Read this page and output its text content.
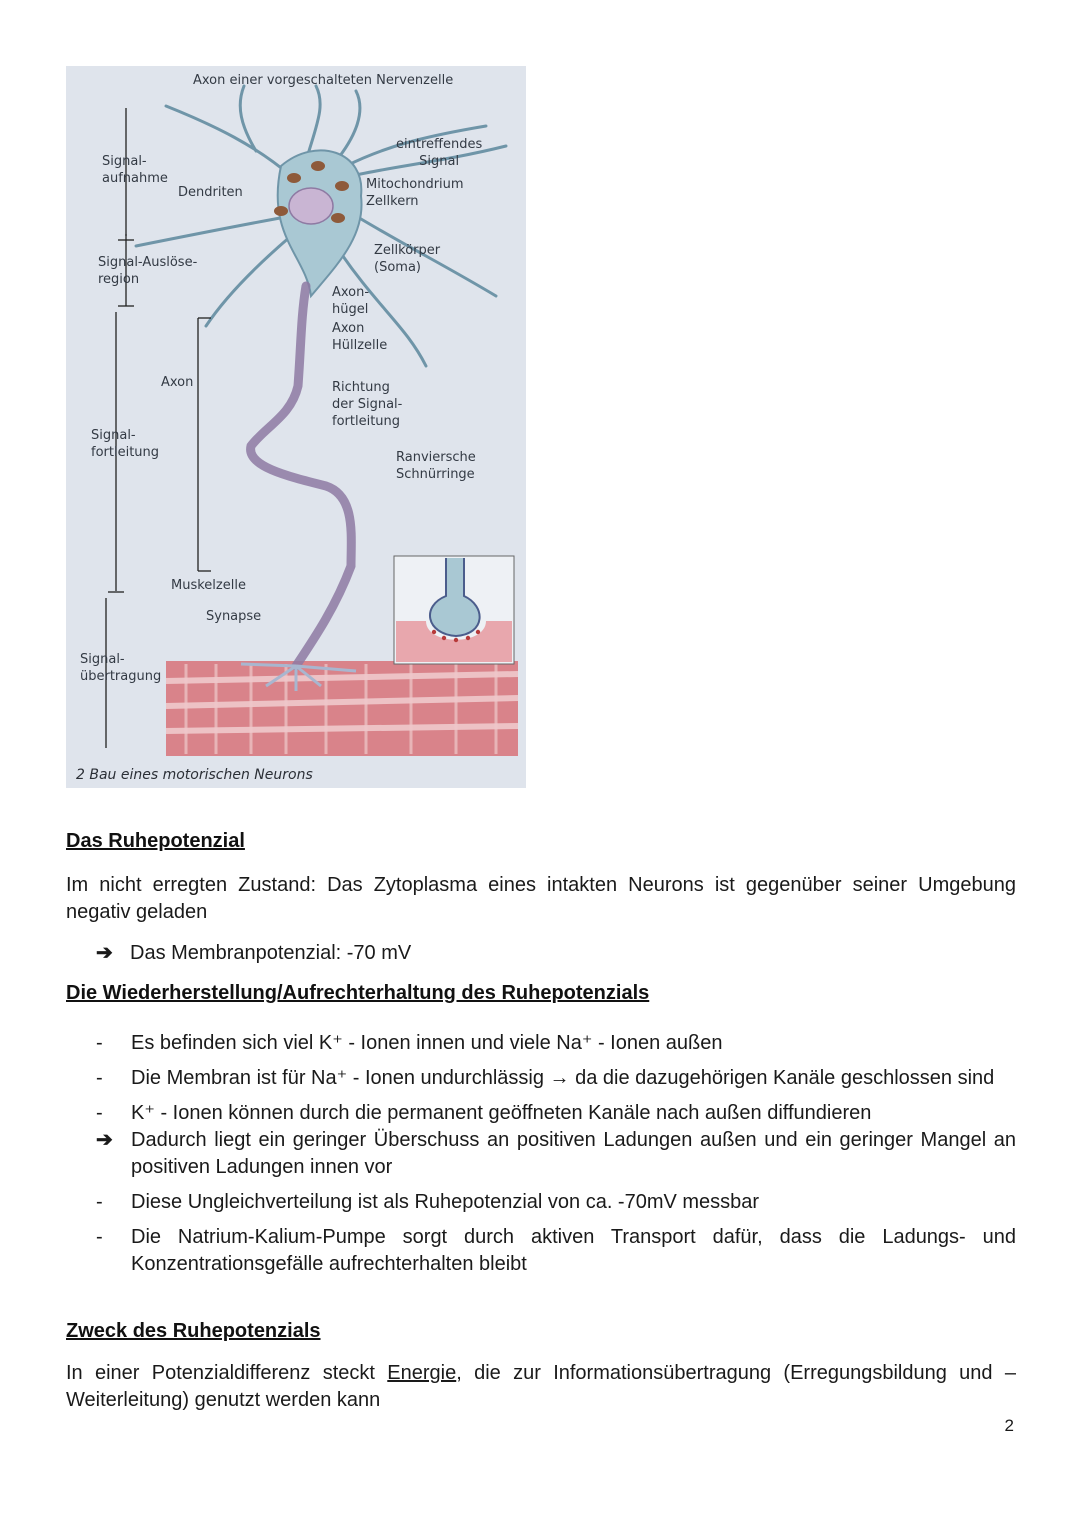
Axon einer vorgeschalteten Nervenzelle
eintreffendes
Signal
Mitochondrium
Zellkern
Zellkörper
(Soma)
Dendriten
Axon-
hügel
Axon
Hüllzelle
Axon	Richtung
der Signal-
fortleitung
Ranviersche
Schnürringe
Muskelzelle
Synapse
Signal-
aufnahme
Signal-Auslöse-
region
Signal-
fortleitung
Signal-
übertragung
2 Bau eines motorischen Neurons
Das Ruhepotenzial

Im nicht erregten Zustand: Das Zytoplasma eines intakten Neurons ist gegenüber seiner Umgebung negativ geladen

➔ Das Membranpotenzial: -70 mV
Die Wiederherstellung/Aufrechterhaltung des Ruhepotenzials
- Es befinden sich viel K⁺ - Ionen innen und viele Na⁺ - Ionen außen
- Die Membran ist für Na⁺ - Ionen undurchlässig → da die dazugehörigen Kanäle geschlossen sind
- K⁺ - Ionen können durch die permanent geöffneten Kanäle nach außen diffundieren
➔ Dadurch liegt ein geringer Überschuss an positiven Ladungen außen und ein geringer Mangel an positiven Ladungen innen vor
- Diese Ungleichverteilung ist als Ruhepotenzial von ca. -70mV messbar
- Die Natrium-Kalium-Pumpe sorgt durch aktiven Transport dafür, dass die Ladungs- und Konzentrationsgefälle aufrechterhalten bleibt
Zweck des Ruhepotenzials

In einer Potenzialdifferenz steckt Energie, die zur Informationsübertragung (Erregungsbildung und –Weiterleitung) genutzt werden kann

2
